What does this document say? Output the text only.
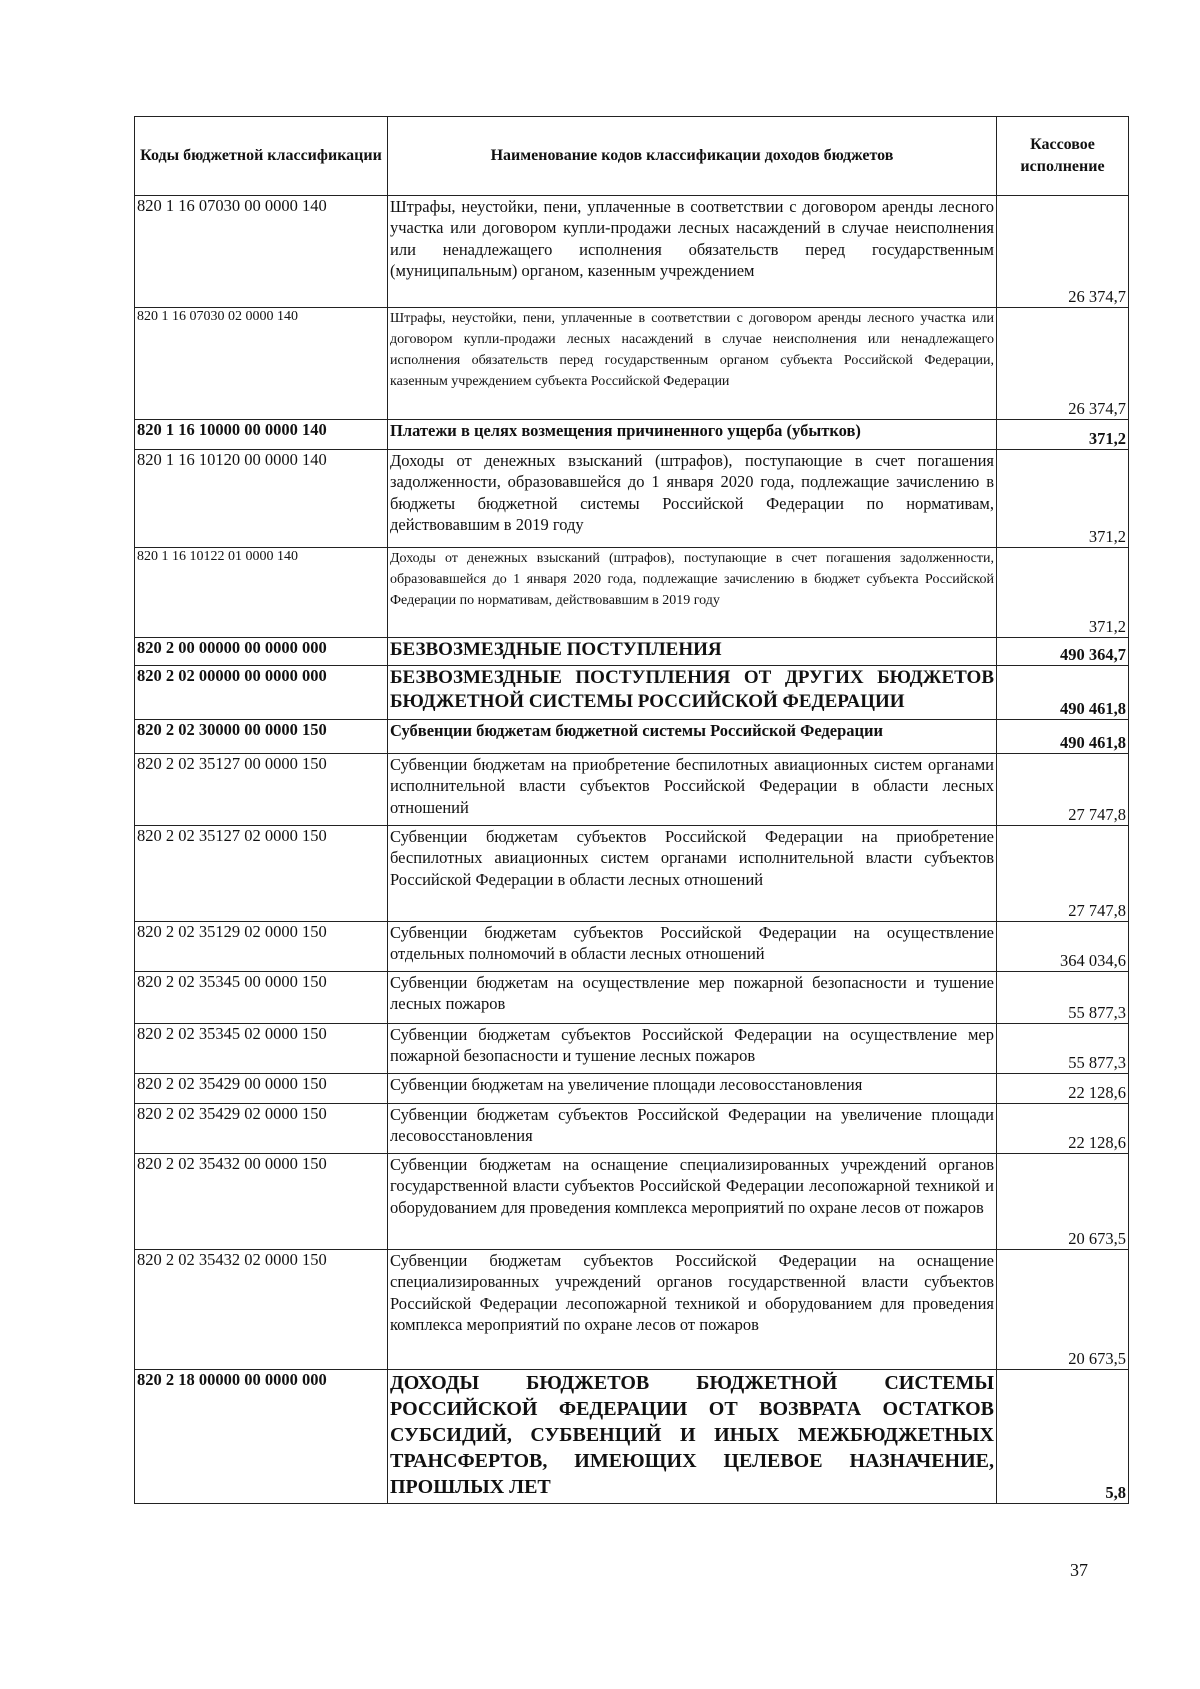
Коды бюджетной классификации	Наименование кодов классификации доходов бюджетов	Кассовое исполнение
820 1 16 07030 00 0000 140	Штрафы, неустойки, пени, уплаченные в соответствии с договором аренды лесного участка или договором купли-продажи лесных насаждений в случае неисполнения или ненадлежащего исполнения обязательств перед государственным (муниципальным) органом, казенным учреждением	26 374,7
820 1 16 07030 02 0000 140	Штрафы, неустойки, пени, уплаченные в соответствии с договором аренды лесного участка или договором купли-продажи лесных насаждений в случае неисполнения или ненадлежащего исполнения обязательств перед государственным органом субъекта Российской Федерации, казенным учреждением субъекта Российской Федерации	26 374,7
820 1 16 10000 00 0000 140	Платежи в целях возмещения причиненного ущерба (убытков)	371,2
820 1 16 10120 00 0000 140	Доходы от денежных взысканий (штрафов), поступающие в счет погашения задолженности, образовавшейся до 1 января 2020 года, подлежащие зачислению в бюджеты бюджетной системы Российской Федерации по нормативам, действовавшим в 2019 году	371,2
820 1 16 10122 01 0000 140	Доходы от денежных взысканий (штрафов), поступающие в счет погашения задолженности, образовавшейся до 1 января 2020 года, подлежащие зачислению в бюджет субъекта Российской Федерации по нормативам, действовавшим в 2019 году	371,2
820 2 00 00000 00 0000 000	БЕЗВОЗМЕЗДНЫЕ ПОСТУПЛЕНИЯ	490 364,7
820 2 02 00000 00 0000 000	БЕЗВОЗМЕЗДНЫЕ ПОСТУПЛЕНИЯ ОТ ДРУГИХ БЮДЖЕТОВ БЮДЖЕТНОЙ СИСТЕМЫ РОССИЙСКОЙ ФЕДЕРАЦИИ	490 461,8
820 2 02 30000 00 0000 150	Субвенции бюджетам бюджетной системы Российской Федерации	490 461,8
820 2 02 35127 00 0000 150	Субвенции бюджетам на приобретение беспилотных авиационных систем органами исполнительной власти субъектов Российской Федерации в области лесных отношений	27 747,8
820 2 02 35127 02 0000 150	Субвенции бюджетам субъектов Российской Федерации на приобретение беспилотных авиационных систем органами исполнительной власти субъектов Российской Федерации в области лесных отношений	27 747,8
820 2 02 35129 02 0000 150	Субвенции бюджетам субъектов Российской Федерации на осуществление отдельных полномочий в области лесных отношений	364 034,6
820 2 02 35345 00 0000 150	Субвенции бюджетам на осуществление мер пожарной безопасности и тушение лесных пожаров	55 877,3
820 2 02 35345 02 0000 150	Субвенции бюджетам субъектов Российской Федерации на осуществление мер пожарной безопасности и тушение лесных пожаров	55 877,3
820 2 02 35429 00 0000 150	Субвенции бюджетам на увеличение площади лесовосстановления	22 128,6
820 2 02 35429 02 0000 150	Субвенции бюджетам субъектов Российской Федерации на увеличение площади лесовосстановления	22 128,6
820 2 02 35432 00 0000 150	Субвенции бюджетам на оснащение специализированных учреждений органов государственной власти субъектов Российской Федерации лесопожарной техникой и оборудованием для проведения комплекса мероприятий по охране лесов от пожаров	20 673,5
820 2 02 35432 02 0000 150	Субвенции бюджетам субъектов Российской Федерации на оснащение специализированных учреждений органов государственной власти субъектов Российской Федерации лесопожарной техникой и оборудованием для проведения комплекса мероприятий по охране лесов от пожаров	20 673,5
820 2 18 00000 00 0000 000	ДОХОДЫ БЮДЖЕТОВ БЮДЖЕТНОЙ СИСТЕМЫ РОССИЙСКОЙ ФЕДЕРАЦИИ ОТ ВОЗВРАТА ОСТАТКОВ СУБСИДИЙ, СУБВЕНЦИЙ И ИНЫХ МЕЖБЮДЖЕТНЫХ ТРАНСФЕРТОВ, ИМЕЮЩИХ ЦЕЛЕВОЕ НАЗНАЧЕНИЕ, ПРОШЛЫХ ЛЕТ	5,8
37
